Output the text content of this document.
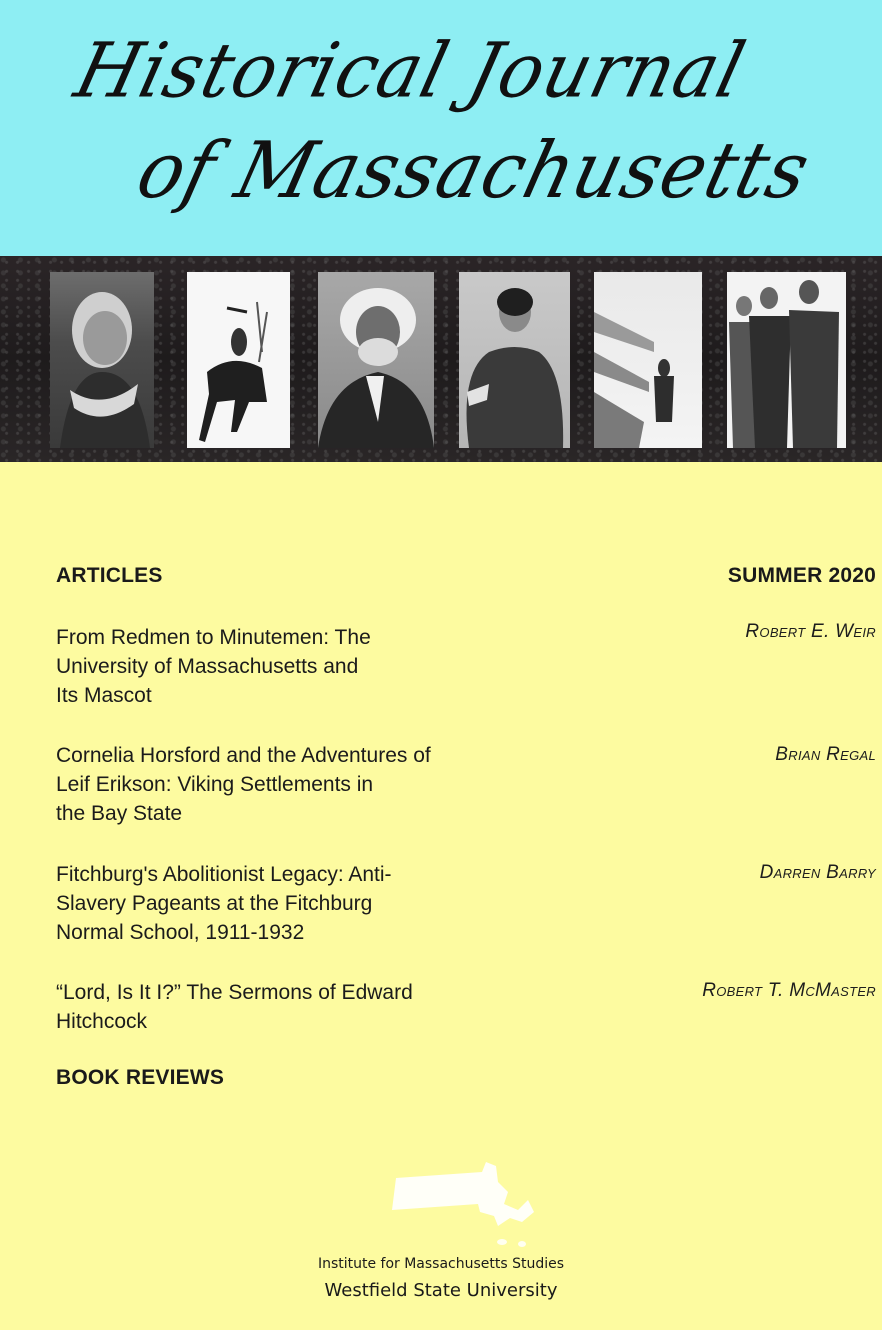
Historical Journal
of Massachusetts
ARTICLES	SUMMER 2020
From Redmen to Minutemen: The
University of Massachusetts and
Its Mascot
Robert E. Weir
Cornelia Horsford and the Adventures of
Leif Erikson: Viking Settlements in
the Bay State
Brian Regal
Fitchburg's Abolitionist Legacy: Anti-
Slavery Pageants at the Fitchburg
Normal School, 1911-1932
Darren Barry
“Lord, Is It I?” The Sermons of Edward
Hitchcock
Robert T. McMaster
BOOK REVIEWS
Institute for Massachusetts Studies
Westfield State University
